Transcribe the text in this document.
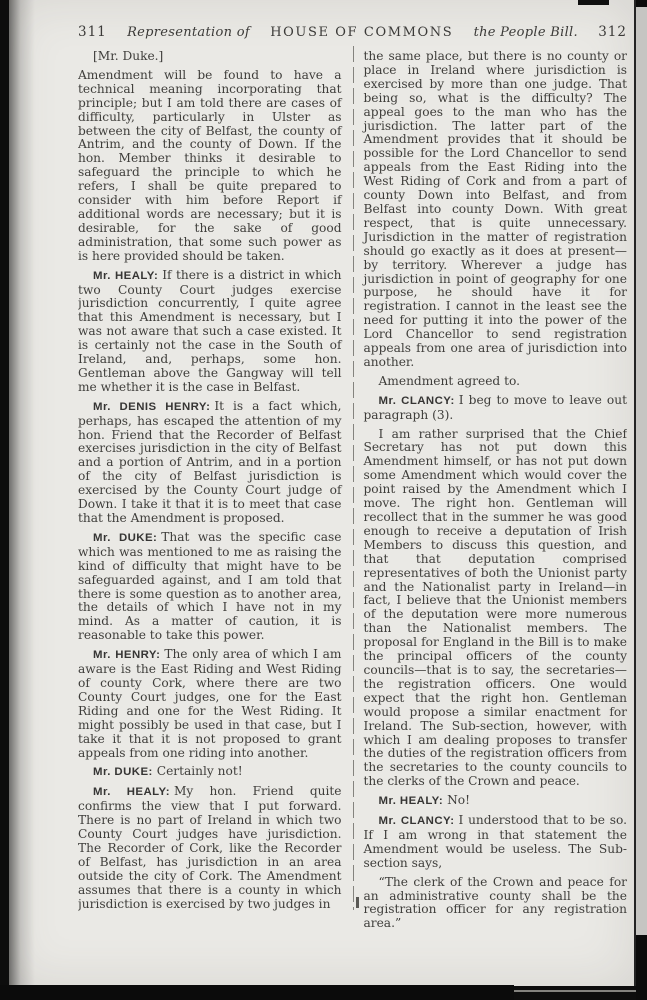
311 Representation of HOUSE OF COMMONS the People Bill. 312

[Mr. Duke.]

Amendment will be found to have a technical meaning incorporating that principle; but I am told there are cases of difficulty, particularly in Ulster as between the city of Belfast, the county of Antrim, and the county of Down. If the hon. Member thinks it desirable to safeguard the principle to which he refers, I shall be quite prepared to consider with him before Report if additional words are necessary; but it is desirable, for the sake of good administration, that some such power as is here provided should be taken.

Mr. HEALY: If there is a district in which two County Court judges exercise jurisdiction concurrently, I quite agree that this Amendment is necessary, but I was not aware that such a case existed. It is certainly not the case in the South of Ireland, and, perhaps, some hon. Gentleman above the Gangway will tell me whether it is the case in Belfast.

Mr. DENIS HENRY: It is a fact which, perhaps, has escaped the attention of my hon. Friend that the Recorder of Belfast exercises jurisdiction in the city of Belfast and a portion of Antrim, and in a portion of the city of Belfast jurisdiction is exercised by the County Court judge of Down. I take it that it is to meet that case that the Amendment is proposed.

Mr. DUKE: That was the specific case which was mentioned to me as raising the kind of difficulty that might have to be safeguarded against, and I am told that there is some question as to another area, the details of which I have not in my mind. As a matter of caution, it is reasonable to take this power.

Mr. HENRY: The only area of which I am aware is the East Riding and West Riding of county Cork, where there are two County Court judges, one for the East Riding and one for the West Riding. It might possibly be used in that case, but I take it that it is not proposed to grant appeals from one riding into another.

Mr. DUKE: Certainly not!

Mr. HEALY: My hon. Friend quite confirms the view that I put forward. There is no part of Ireland in which two County Court judges have jurisdiction. The Recorder of Cork, like the Recorder of Belfast, has jurisdiction in an area outside the city of Cork. The Amendment assumes that there is a county in which jurisdiction is exercised by two judges in

the same place, but there is no county or place in Ireland where jurisdiction is exercised by more than one judge. That being so, what is the difficulty? The appeal goes to the man who has the jurisdiction. The latter part of the Amendment provides that it should be possible for the Lord Chancellor to send appeals from the East Riding into the West Riding of Cork and from a part of county Down into Belfast, and from Belfast into county Down. With great respect, that is quite unnecessary. Jurisdiction in the matter of registration should go exactly as it does at present—by territory. Wherever a judge has jurisdiction in point of geography for one purpose, he should have it for registration. I cannot in the least see the need for putting it into the power of the Lord Chancellor to send registration appeals from one area of jurisdiction into another.

Amendment agreed to.

Mr. CLANCY: I beg to move to leave out paragraph (3).

I am rather surprised that the Chief Secretary has not put down this Amendment himself, or has not put down some Amendment which would cover the point raised by the Amendment which I move. The right hon. Gentleman will recollect that in the summer he was good enough to receive a deputation of Irish Members to discuss this question, and that that deputation comprised representatives of both the Unionist party and the Nationalist party in Ireland—in fact, I believe that the Unionist members of the deputation were more numerous than the Nationalist members. The proposal for England in the Bill is to make the principal officers of the county councils—that is to say, the secretaries—the registration officers. One would expect that the right hon. Gentleman would propose a similar enactment for Ireland. The Sub-section, however, with which I am dealing proposes to transfer the duties of the registration officers from the secretaries to the county councils to the clerks of the Crown and peace.

Mr. HEALY: No!

Mr. CLANCY: I understood that to be so. If I am wrong in that statement the Amendment would be useless. The Sub-section says,

“The clerk of the Crown and peace for an administrative county shall be the registration officer for any registration area.”
